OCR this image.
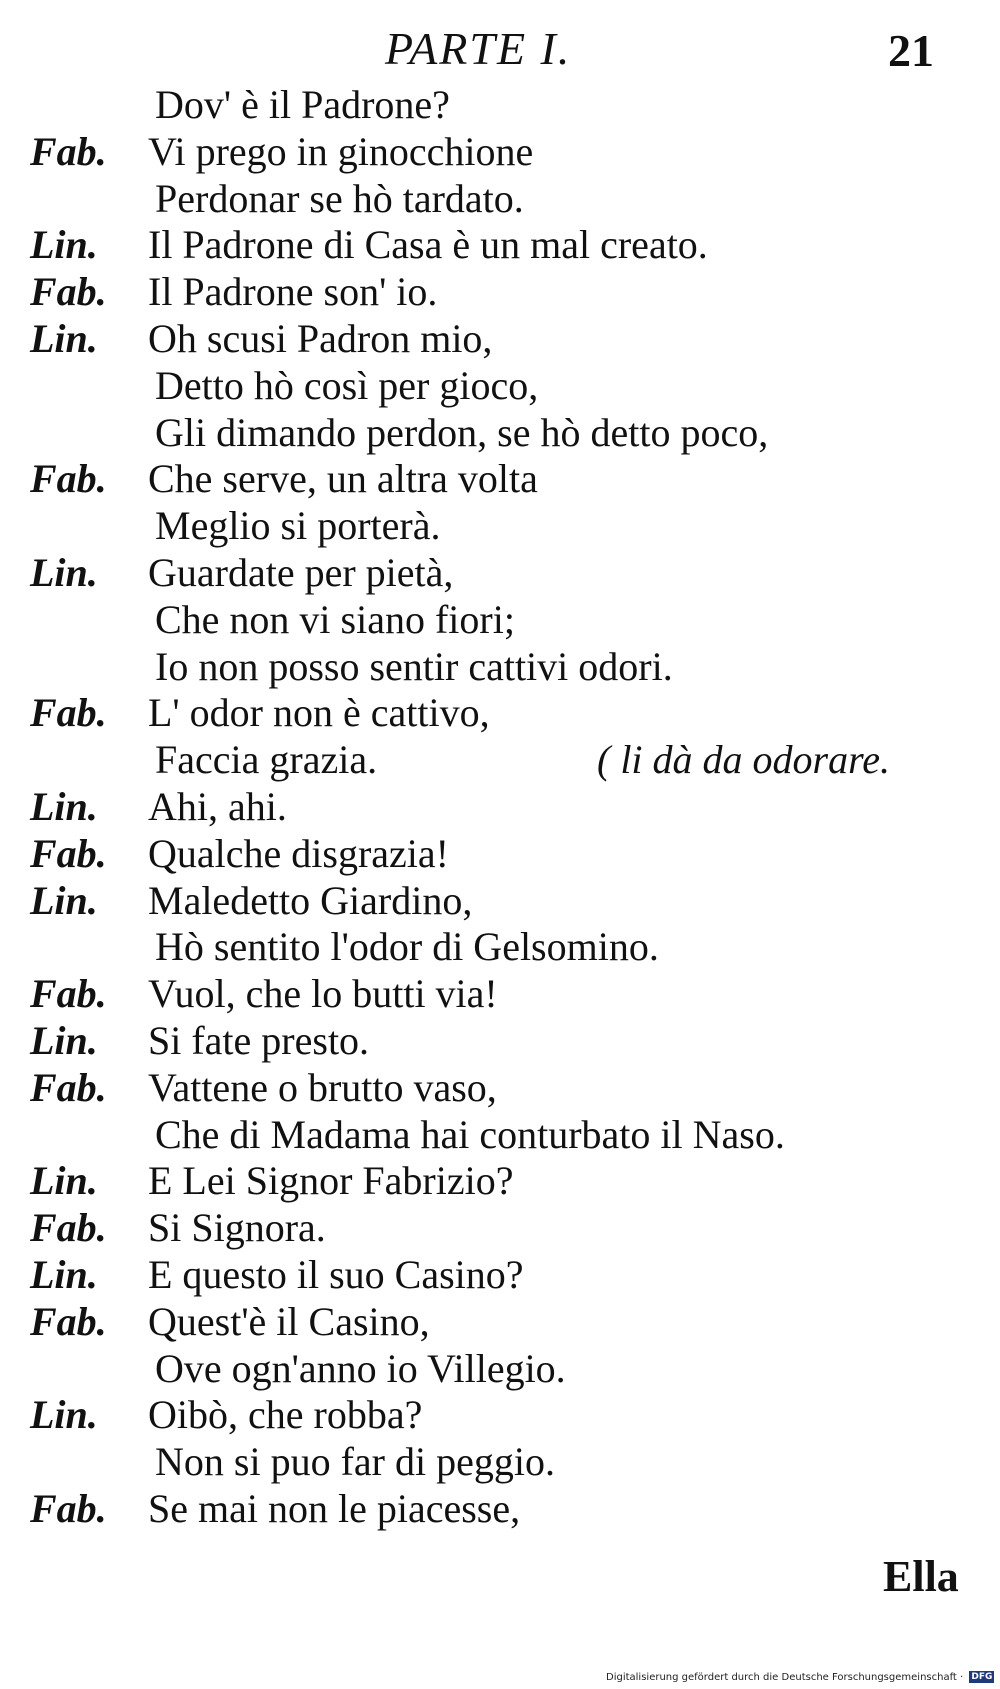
PARTE I.	21
Dov' è il Padrone?
Fab. Vi prego in ginocchione
Perdonar se hò tardato.
Lin. Il Padrone di Casa è un mal creato.
Fab. Il Padrone son' io.
Lin. Oh scusi Padron mio,
Detto hò così per gioco,
Gli dimando perdon, se hò detto poco,
Fab. Che serve, un altra volta
Meglio si porterà.
Lin. Guardate per pietà,
Che non vi siano fiori;
Io non posso sentir cattivi odori.
Fab. L' odor non è cattivo,
Faccia grazia.	( li dà da odorare.
Lin. Ahi, ahi.
Fab. Qualche disgrazia!
Lin. Maledetto Giardino,
Hò sentito l'odor di Gelsomino.
Fab. Vuol, che lo butti via!
Lin. Si fate presto.
Fab. Vattene o brutto vaso,
Che di Madama hai conturbato il Naso.
Lin. E Lei Signor Fabrizio?
Fab. Si Signora.
Lin. E questo il suo Casino?
Fab. Quest'è il Casino,
Ove ogn'anno io Villegio.
Lin. Oibò, che robba?
Non si puo far di peggio.
Fab. Se mai non le piacesse,
Ella
Digitalisierung gefördert durch die Deutsche Forschungsgemeinschaft · DFG
